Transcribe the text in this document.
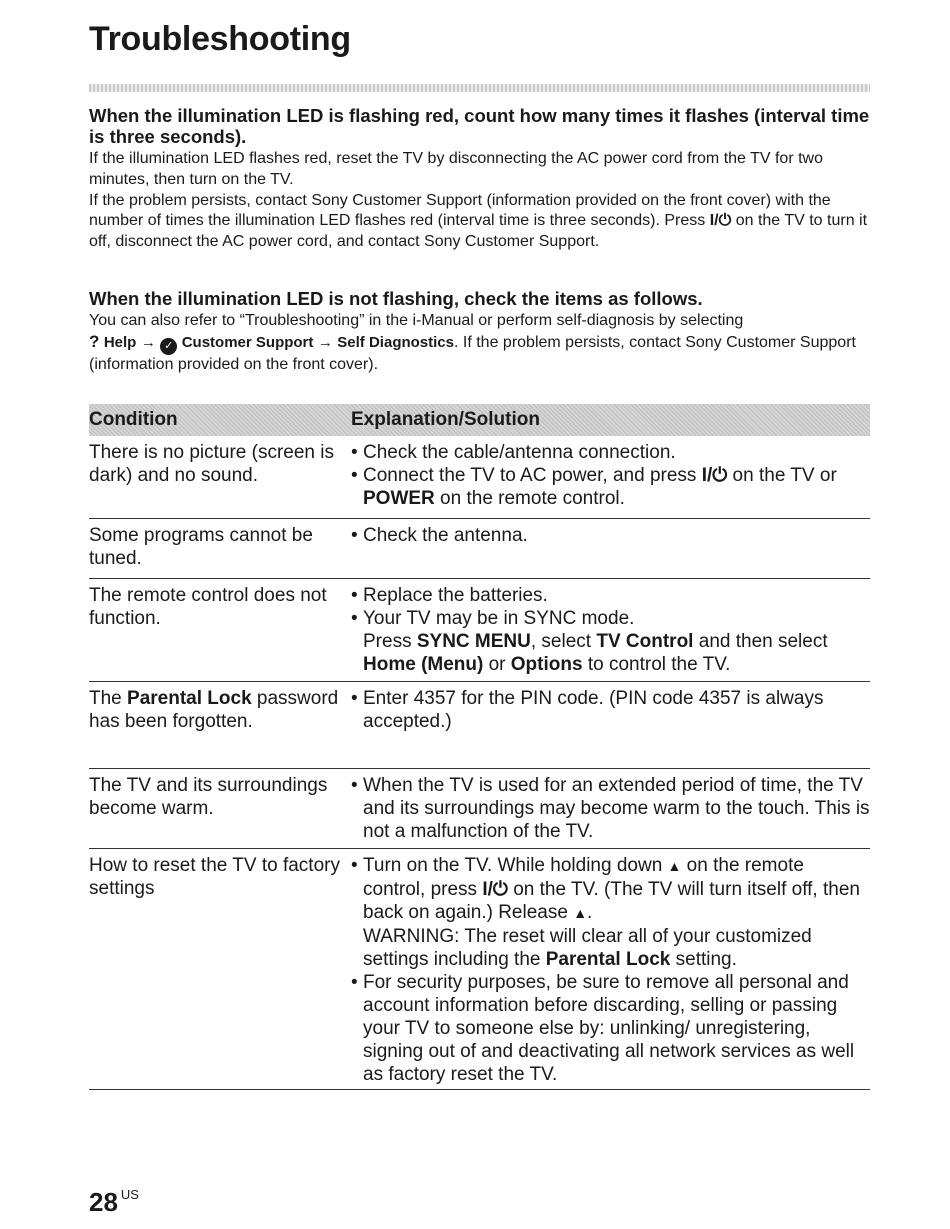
Troubleshooting

When the illumination LED is flashing red, count how many times it flashes (interval time is three seconds).

If the illumination LED flashes red, reset the TV by disconnecting the AC power cord from the TV for two minutes, then turn on the TV.

If the problem persists, contact Sony Customer Support (information provided on the front cover) with the number of times the illumination LED flashes red (interval time is three seconds). Press I/⏻ on the TV to turn it off, disconnect the AC power cord, and contact Sony Customer Support.

When the illumination LED is not flashing, check the items as follows.

You can also refer to “Troubleshooting” in the i-Manual or perform self-diagnosis by selecting
? Help → ✓ Customer Support → Self Diagnostics. If the problem persists, contact Sony Customer Support (information provided on the front cover).

Condition	Explanation/Solution
There is no picture (screen is dark) and no sound.
• Check the cable/antenna connection.
• Connect the TV to AC power, and press I/⏻ on the TV or POWER on the remote control.
Some programs cannot be tuned.
• Check the antenna.
The remote control does not function.
• Replace the batteries.
• Your TV may be in SYNC mode.
Press SYNC MENU, select TV Control and then select Home (Menu) or Options to control the TV.
The Parental Lock password has been forgotten.
• Enter 4357 for the PIN code. (PIN code 4357 is always accepted.)
The TV and its surroundings become warm.
• When the TV is used for an extended period of time, the TV and its surroundings may become warm to the touch. This is not a malfunction of the TV.
How to reset the TV to factory settings
• Turn on the TV. While holding down ▲ on the remote control, press I/⏻ on the TV. (The TV will turn itself off, then back on again.) Release ▲.
WARNING: The reset will clear all of your customized settings including the Parental Lock setting.
• For security purposes, be sure to remove all personal and account information before discarding, selling or passing your TV to someone else by: unlinking/ unregistering, signing out of and deactivating all network services as well as factory reset the TV.
28 $^{US}$
